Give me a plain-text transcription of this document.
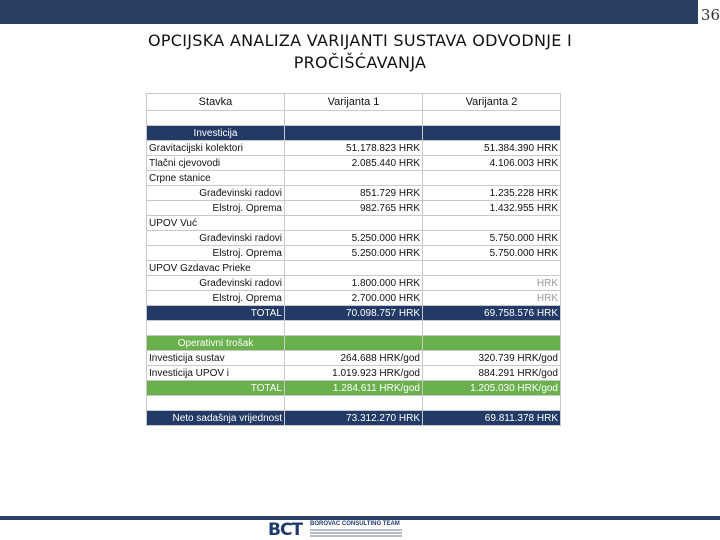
36
OPCIJSKA ANALIZA VARIJANTI SUSTAVA ODVODNJE I
PROČIŠĆAVANJA
Stavka	Varijanta 1	Varijanta 2

Investicija		
Gravitacijski kolektori	51.178.823 HRK	51.384.390 HRK
Tlačni cjevovodi	2.085.440 HRK	4.106.003 HRK
Crpne stanice		
Građevinski radovi	851.729 HRK	1.235.228 HRK
Elstroj. Oprema	982.765 HRK	1.432.955 HRK
UPOV Vuć		
Građevinski radovi	5.250.000 HRK	5.750.000 HRK
Elstroj. Oprema	5.250.000 HRK	5.750.000 HRK
UPOV Gzdavac Prieke		
Građevinski radovi	1.800.000 HRK	HRK
Elstroj. Oprema	2.700.000 HRK	HRK
TOTAL	70.098.757 HRK	69.758.576 HRK

Operativni trošak		
Investicija sustav	264.688 HRK/god	320.739 HRK/god
Investicija UPOV i	1.019.923 HRK/god	884.291 HRK/god
TOTAL	1.284.611 HRK/god	1.205.030 HRK/god

Neto sadašnja vrijednost	73.312.270 HRK	69.811.378 HRK
BCT BOROVAC CONSULTING TEAM
